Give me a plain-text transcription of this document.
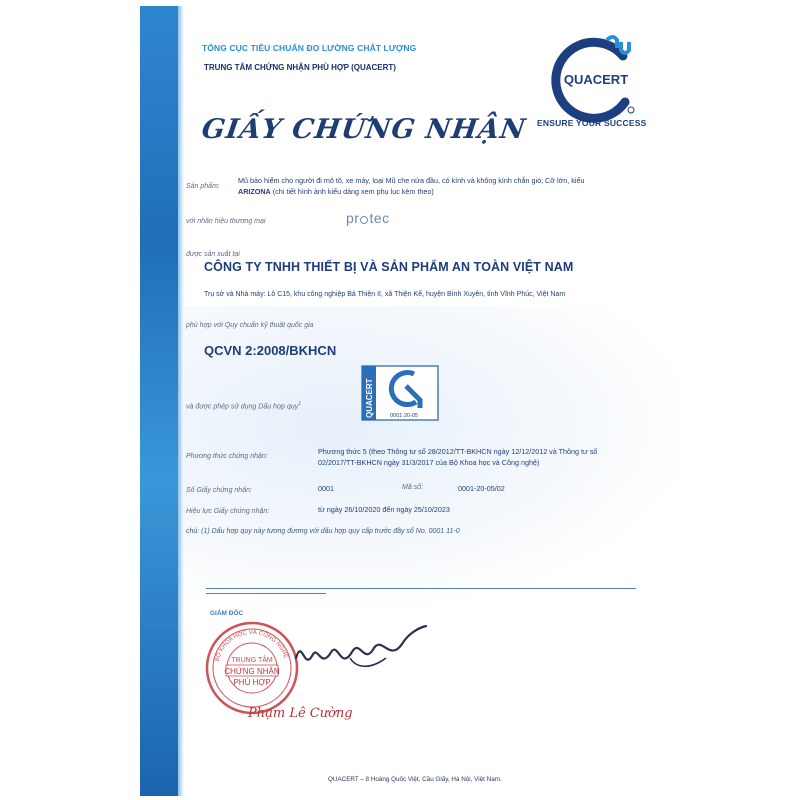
TỔNG CỤC TIÊU CHUẨN ĐO LƯỜNG CHẤT LƯỢNG
TRUNG TÂM CHỨNG NHẬN PHÙ HỢP (QUACERT)
QUACERT
ENSURE YOUR SUCCESS
GIẤY CHỨNG NHẬN
Sản phẩm:
Mũ bảo hiểm cho người đi mô tô, xe máy, loại Mũ che nửa đầu, có kính và không kính chắn gió; Cỡ lớn, kiểu
ARIZONA (chi tiết hình ảnh kiểu dáng xem phụ lục kèm theo)
với nhãn hiệu thương mại	pr tec
được sản xuất tại
CÔNG TY TNHH THIẾT BỊ VÀ SẢN PHẨM AN TOÀN VIỆT NAM
Trụ sở và Nhà máy: Lô C15, khu công nghiệp Bá Thiện II, xã Thiện Kế, huyện Bình Xuyên, tỉnh Vĩnh Phúc, Việt Nam
phù hợp với Quy chuẩn kỹ thuật quốc gia
QCVN 2:2008/BKHCN
và được phép sử dụng Dấu hợp quy$^1$	QUACERT	0001 20-05
Phương thức chứng nhận:
Phương thức 5 (theo Thông tư số 28/2012/TT-BKHCN ngày 12/12/2012 và Thông tư số
02/2017/TT-BKHCN ngày 31/3/2017 của Bộ Khoa học và Công nghệ)
Số Giấy chứng nhận:	0001	Mã số:	0001-20-05/02
Hiệu lực Giấy chứng nhận:	từ ngày 26/10/2020 đến ngày 25/10/2023
chú: (1) Dấu hợp quy này tương đương với dấu hợp quy cấp trước đây số No. 0001 11-0
GIÁM ĐỐC
BỘ KHOA HỌC VÀ CÔNG NGHỆ
TRUNG TÂM
CHỨNG NHẬN
PHÙ HỢP
Phạm Lê Cường
QUACERT – 8 Hoàng Quốc Việt, Cầu Giấy, Hà Nội, Việt Nam.
